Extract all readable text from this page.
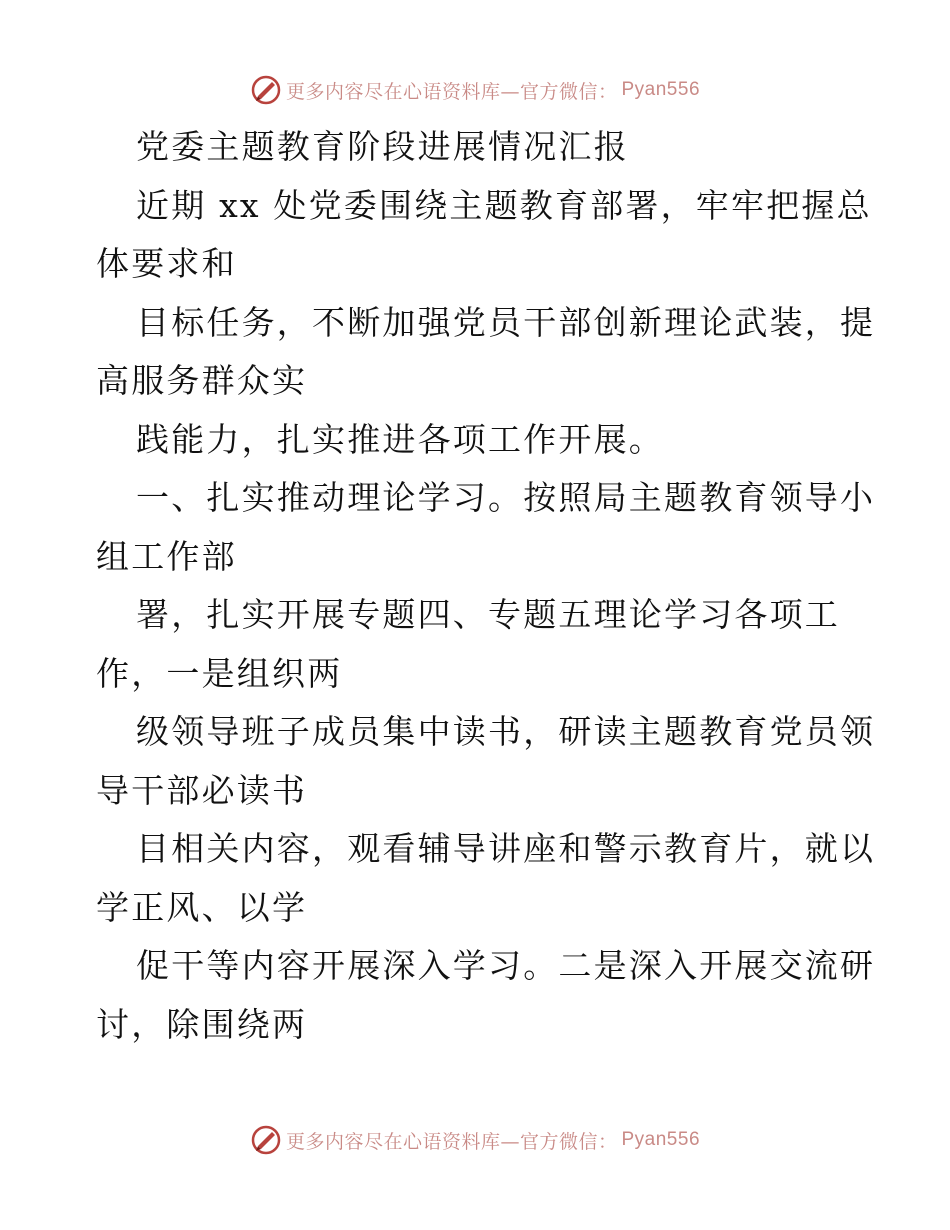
更多内容尽在心语资料库—官方微信： Pyan556
党委主题教育阶段进展情况汇报
近期 xx 处党委围绕主题教育部署，牢牢把握总
体要求和
目标任务，不断加强党员干部创新理论武装，提
高服务群众实
践能力，扎实推进各项工作开展。
一、扎实推动理论学习。按照局主题教育领导小
组工作部
署，扎实开展专题四、专题五理论学习各项工
作，一是组织两
级领导班子成员集中读书，研读主题教育党员领
导干部必读书
目相关内容，观看辅导讲座和警示教育片，就以
学正风、以学
促干等内容开展深入学习。二是深入开展交流研
讨，除围绕两
更多内容尽在心语资料库—官方微信： Pyan556
